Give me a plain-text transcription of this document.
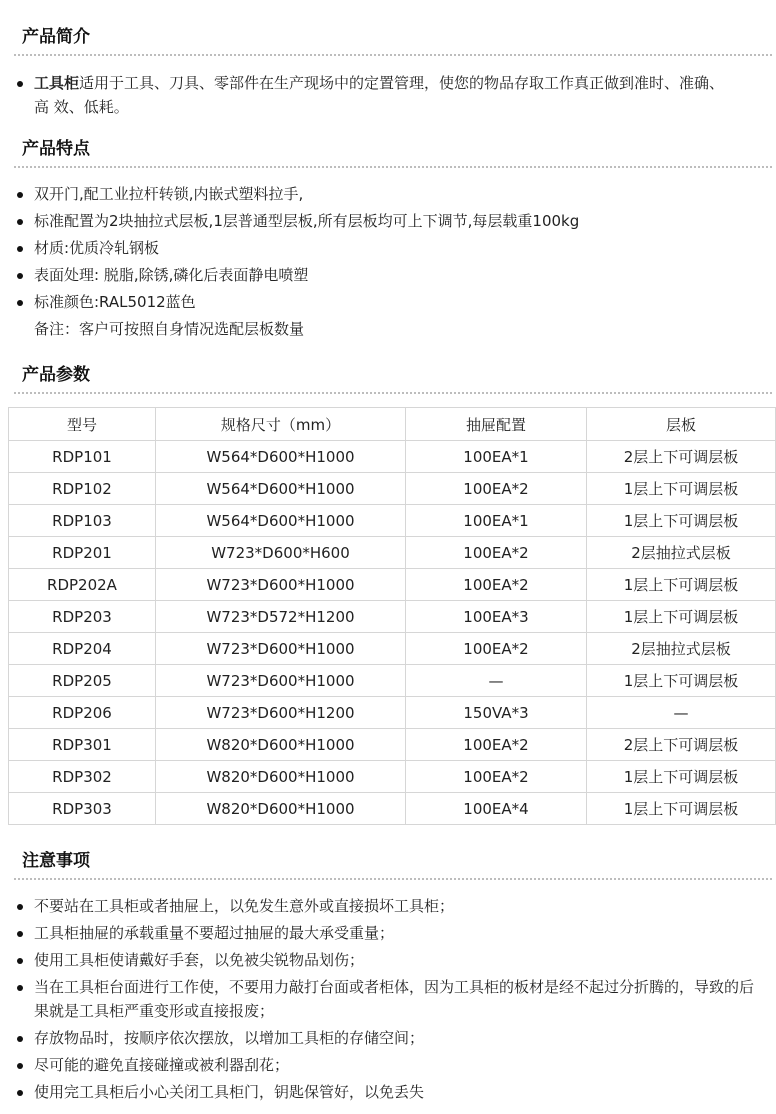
产品简介
工具柜适用于工具、刀具、零部件在生产现场中的定置管理，使您的物品存取工作真正做到准时、准确、
高 效、低耗。
产品特点
双开门,配工业拉杆转锁,内嵌式塑料拉手,
标准配置为2块抽拉式层板,1层普通型层板,所有层板均可上下调节,每层载重100kg
材质:优质冷轧钢板
表面处理: 脱脂,除锈,磷化后表面静电喷塑
标准颜色:RAL5012蓝色
备注：客户可按照自身情况选配层板数量
产品参数
型号	规格尺寸（mm）	抽屉配置	层板
RDP101	W564*D600*H1000	100EA*1	2层上下可调层板
RDP102	W564*D600*H1000	100EA*2	1层上下可调层板
RDP103	W564*D600*H1000	100EA*1	1层上下可调层板
RDP201	W723*D600*H600	100EA*2	2层抽拉式层板
RDP202A	W723*D600*H1000	100EA*2	1层上下可调层板
RDP203	W723*D572*H1200	100EA*3	1层上下可调层板
RDP204	W723*D600*H1000	100EA*2	2层抽拉式层板
RDP205	W723*D600*H1000	—	1层上下可调层板
RDP206	W723*D600*H1200	150VA*3	—
RDP301	W820*D600*H1000	100EA*2	2层上下可调层板
RDP302	W820*D600*H1000	100EA*2	1层上下可调层板
RDP303	W820*D600*H1000	100EA*4	1层上下可调层板
注意事项
不要站在工具柜或者抽屉上，以免发生意外或直接损坏工具柜；
工具柜抽屉的承载重量不要超过抽屉的最大承受重量；
使用工具柜使请戴好手套，以免被尖锐物品划伤；
当在工具柜台面进行工作使，不要用力敲打台面或者柜体，因为工具柜的板材是经不起过分折腾的，导致的后果就是工具柜严重变形或直接报废；
存放物品时，按顺序依次摆放，以增加工具柜的存储空间；
尽可能的避免直接碰撞或被利器刮花；
使用完工具柜后小心关闭工具柜门，钥匙保管好，以免丢失
